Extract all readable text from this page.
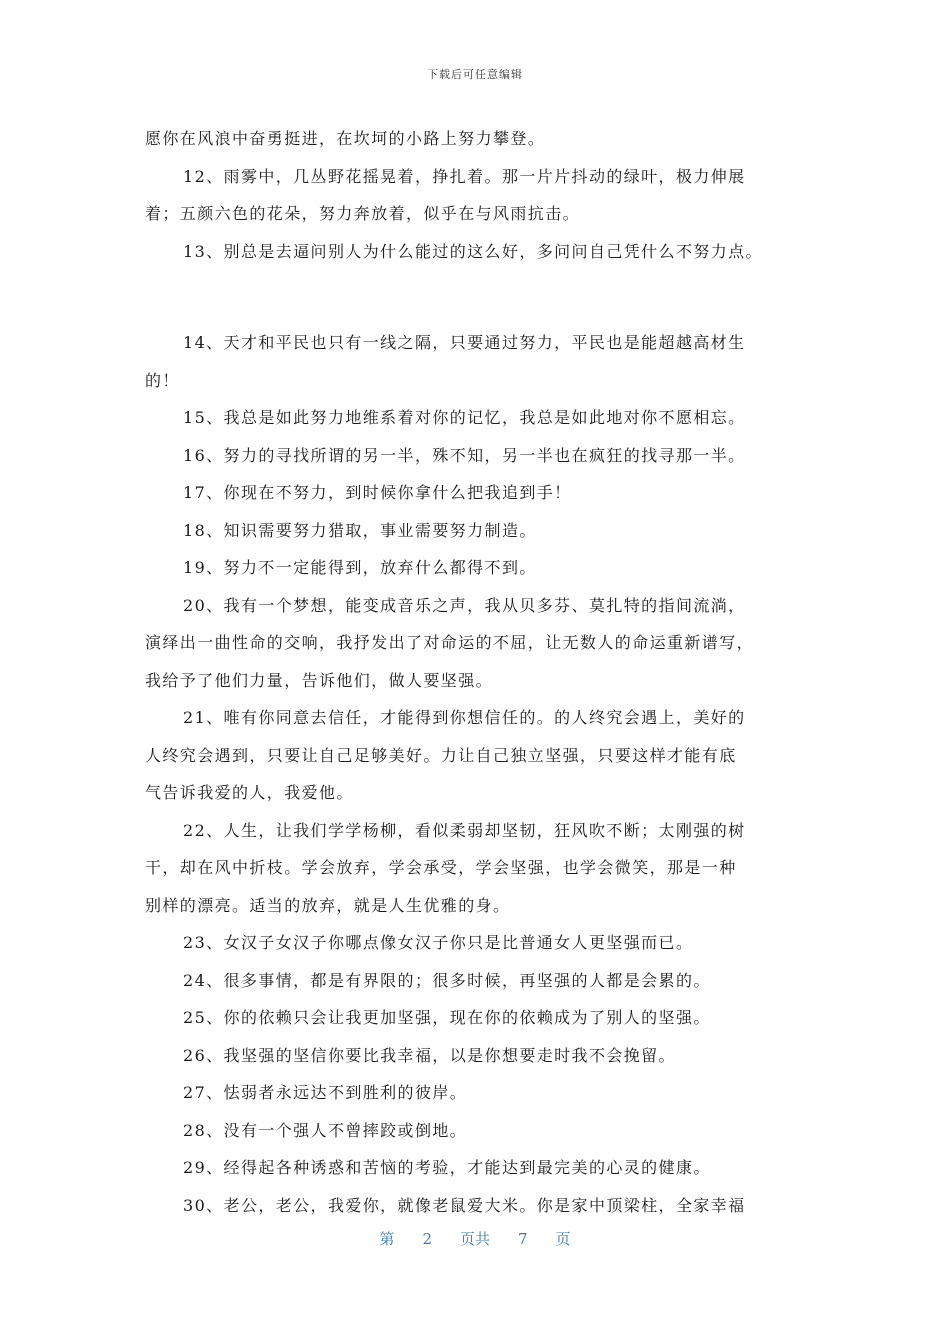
下载后可任意编辑
愿你在风浪中奋勇挺进，在坎坷的小路上努力攀登。
12、雨雾中，几丛野花摇晃着，挣扎着。那一片片抖动的绿叶，极力伸展
着；五颜六色的花朵，努力奔放着，似乎在与风雨抗击。
13、别总是去逼问别人为什么能过的这么好，多问问自己凭什么不努力点。
14、天才和平民也只有一线之隔，只要通过努力，平民也是能超越高材生
的！
15、我总是如此努力地维系着对你的记忆，我总是如此地对你不愿相忘。
16、努力的寻找所谓的另一半，殊不知，另一半也在疯狂的找寻那一半。
17、你现在不努力，到时候你拿什么把我追到手！
18、知识需要努力猎取，事业需要努力制造。
19、努力不一定能得到，放弃什么都得不到。
20、我有一个梦想，能变成音乐之声，我从贝多芬、莫扎特的指间流淌，
演绎出一曲性命的交响，我抒发出了对命运的不屈，让无数人的命运重新谱写，
我给予了他们力量，告诉他们，做人要坚强。
21、唯有你同意去信任，才能得到你想信任的。的人终究会遇上，美好的
人终究会遇到，只要让自己足够美好。力让自己独立坚强，只要这样才能有底
气告诉我爱的人，我爱他。
22、人生，让我们学学杨柳，看似柔弱却坚韧，狂风吹不断；太刚强的树
干，却在风中折枝。学会放弃，学会承受，学会坚强，也学会微笑，那是一种
别样的漂亮。适当的放弃，就是人生优雅的身。
23、女汉子女汉子你哪点像女汉子你只是比普通女人更坚强而已。
24、很多事情，都是有界限的；很多时候，再坚强的人都是会累的。
25、你的依赖只会让我更加坚强，现在你的依赖成为了别人的坚强。
26、我坚强的坚信你要比我幸福，以是你想要走时我不会挽留。
27、怯弱者永远达不到胜利的彼岸。
28、没有一个强人不曾摔跤或倒地。
29、经得起各种诱惑和苦恼的考验，才能达到最完美的心灵的健康。
30、老公，老公，我爱你，就像老鼠爱大米。你是家中顶梁柱，全家幸福
第 2 页共 7 页
